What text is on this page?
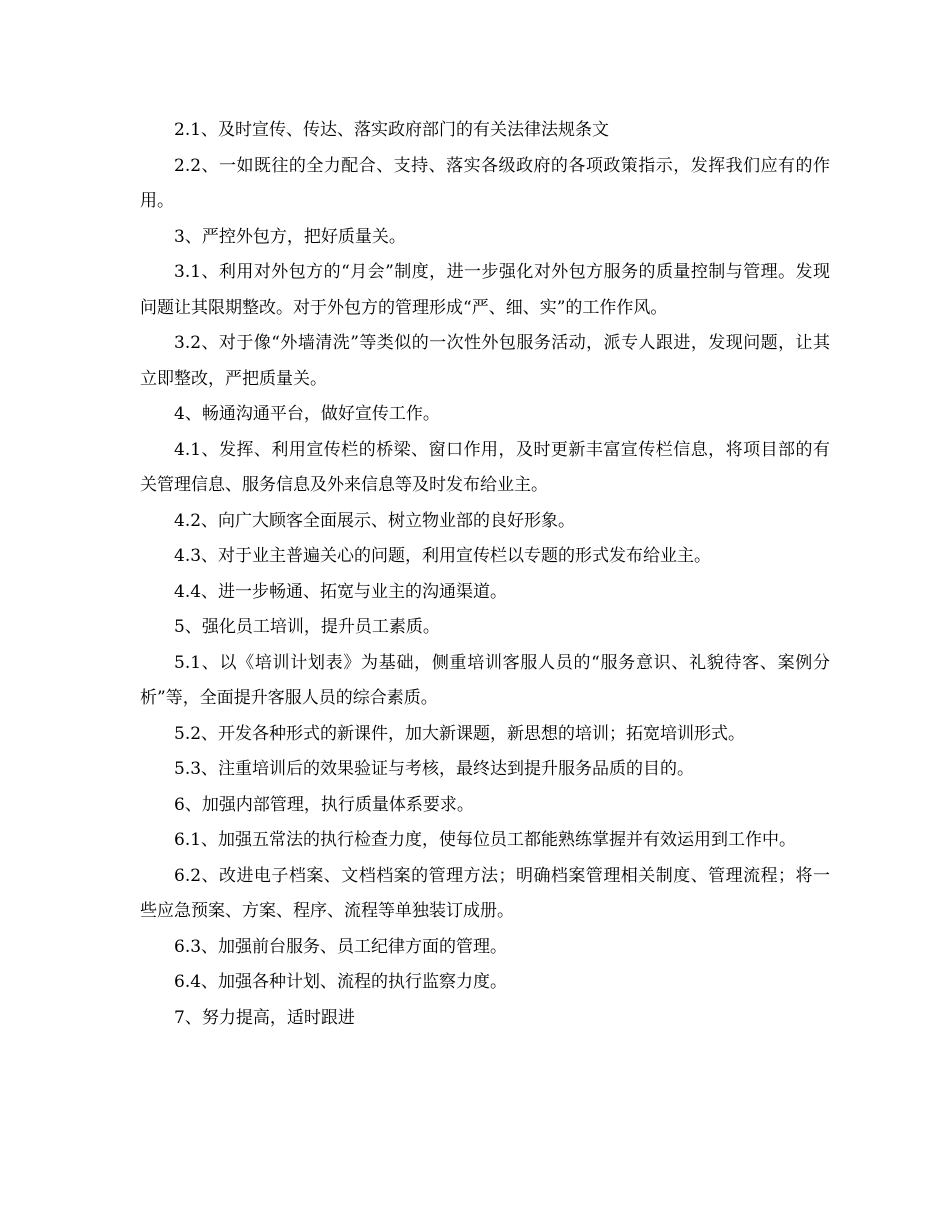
2.1、及时宣传、传达、落实政府部门的有关法律法规条文

2.2、一如既往的全力配合、支持、落实各级政府的各项政策指示，发挥我们应有的作用。

3、严控外包方，把好质量关。

3.1、利用对外包方的“月会”制度，进一步强化对外包方服务的质量控制与管理。发现问题让其限期整改。对于外包方的管理形成“严、细、实”的工作作风。

3.2、对于像“外墙清洗”等类似的一次性外包服务活动，派专人跟进，发现问题，让其立即整改，严把质量关。

4、畅通沟通平台，做好宣传工作。

4.1、发挥、利用宣传栏的桥梁、窗口作用，及时更新丰富宣传栏信息，将项目部的有关管理信息、服务信息及外来信息等及时发布给业主。

4.2、向广大顾客全面展示、树立物业部的良好形象。

4.3、对于业主普遍关心的问题，利用宣传栏以专题的形式发布给业主。

4.4、进一步畅通、拓宽与业主的沟通渠道。

5、强化员工培训，提升员工素质。

5.1、以《培训计划表》为基础，侧重培训客服人员的“服务意识、礼貌待客、案例分析”等，全面提升客服人员的综合素质。

5.2、开发各种形式的新课件，加大新课题，新思想的培训；拓宽培训形式。

5.3、注重培训后的效果验证与考核，最终达到提升服务品质的目的。

6、加强内部管理，执行质量体系要求。

6.1、加强五常法的执行检查力度，使每位员工都能熟练掌握并有效运用到工作中。

6.2、改进电子档案、文档档案的管理方法；明确档案管理相关制度、管理流程；将一些应急预案、方案、程序、流程等单独装订成册。

6.3、加强前台服务、员工纪律方面的管理。

6.4、加强各种计划、流程的执行监察力度。

7、努力提高，适时跟进
